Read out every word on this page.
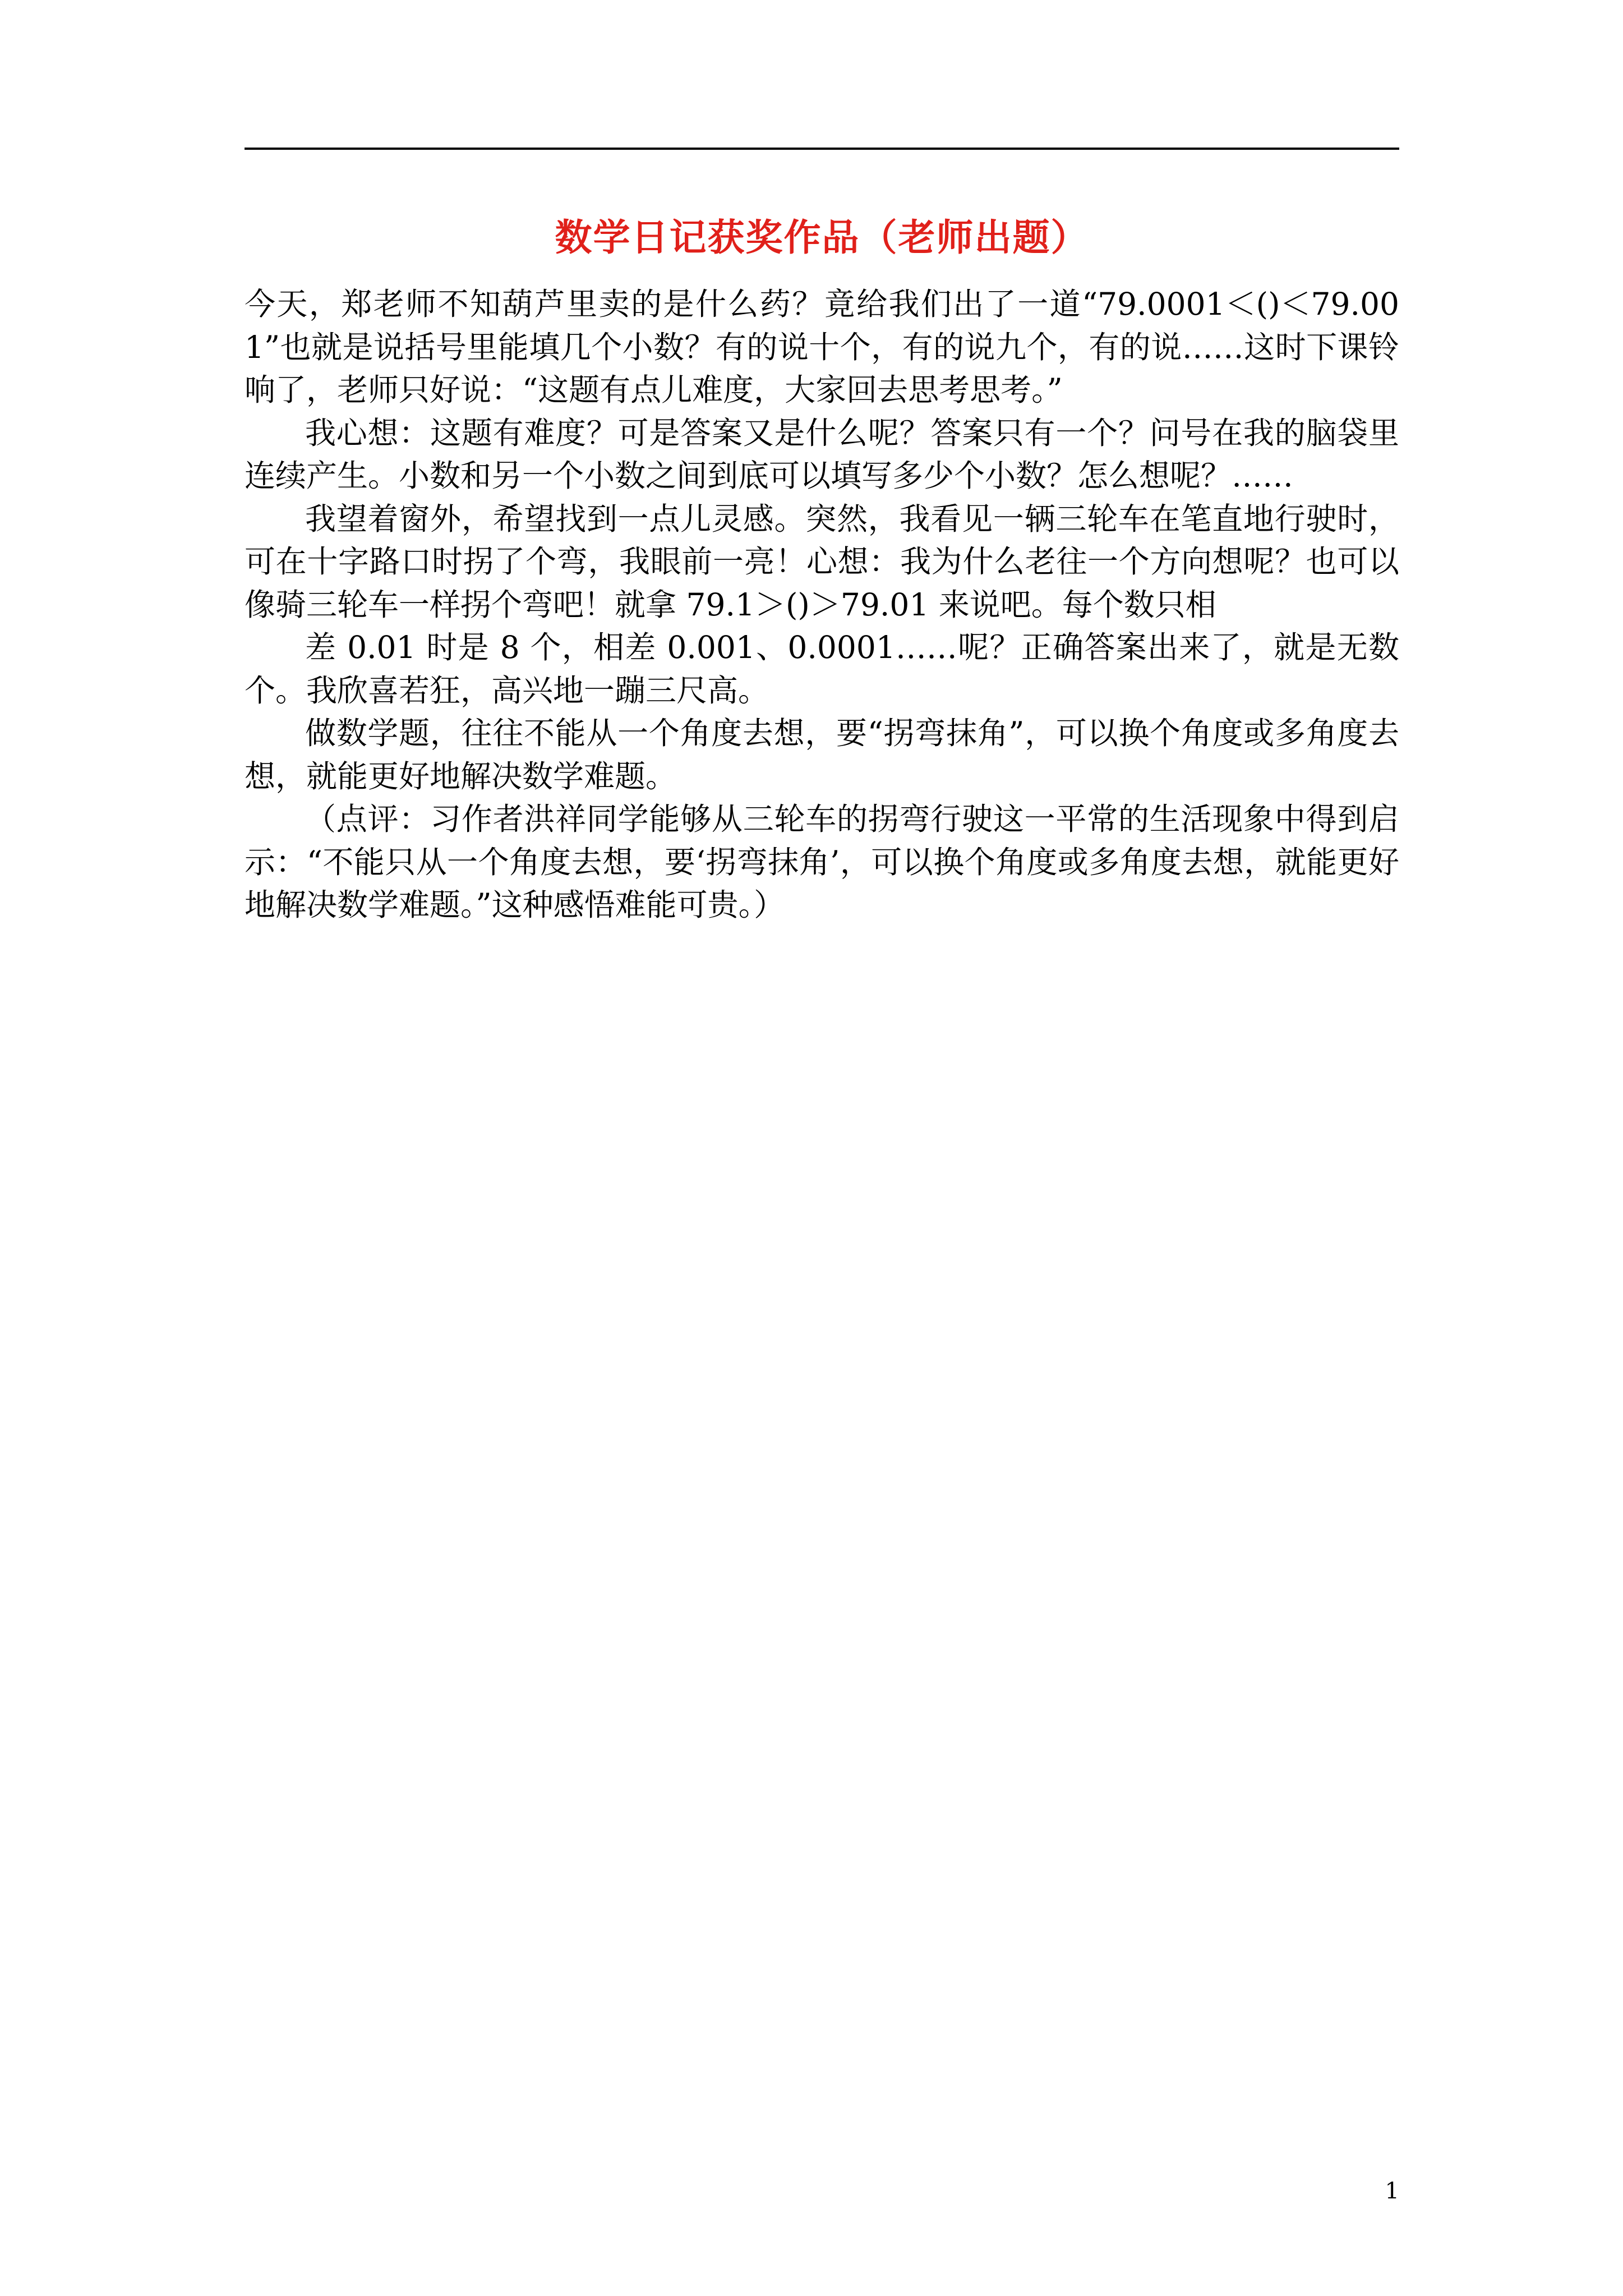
数学日记获奖作品（老师出题）

今天，郑老师不知葫芦里卖的是什么药？竟给我们出了一道“79.0001＜()＜79.001”也就是说括号里能填几个小数？有的说十个，有的说九个，有的说……这时下课铃响了，老师只好说：“这题有点儿难度，大家回去思考思考。”

我心想：这题有难度？可是答案又是什么呢？答案只有一个？问号在我的脑袋里连续产生。小数和另一个小数之间到底可以填写多少个小数？怎么想呢？……

我望着窗外，希望找到一点儿灵感。突然，我看见一辆三轮车在笔直地行驶时，可在十字路口时拐了个弯，我眼前一亮！心想：我为什么老往一个方向想呢？也可以像骑三轮车一样拐个弯吧！就拿 79.1＞()＞79.01 来说吧。每个数只相

差 0.01 时是 8 个，相差 0.001、0.0001……呢？正确答案出来了，就是无数个。我欣喜若狂，高兴地一蹦三尺高。

做数学题，往往不能从一个角度去想，要“拐弯抹角”，可以换个角度或多角度去想，就能更好地解决数学难题。

（点评：习作者洪祥同学能够从三轮车的拐弯行驶这一平常的生活现象中得到启示：“不能只从一个角度去想，要‘拐弯抹角’，可以换个角度或多角度去想，就能更好地解决数学难题。”这种感悟难能可贵。）

1
